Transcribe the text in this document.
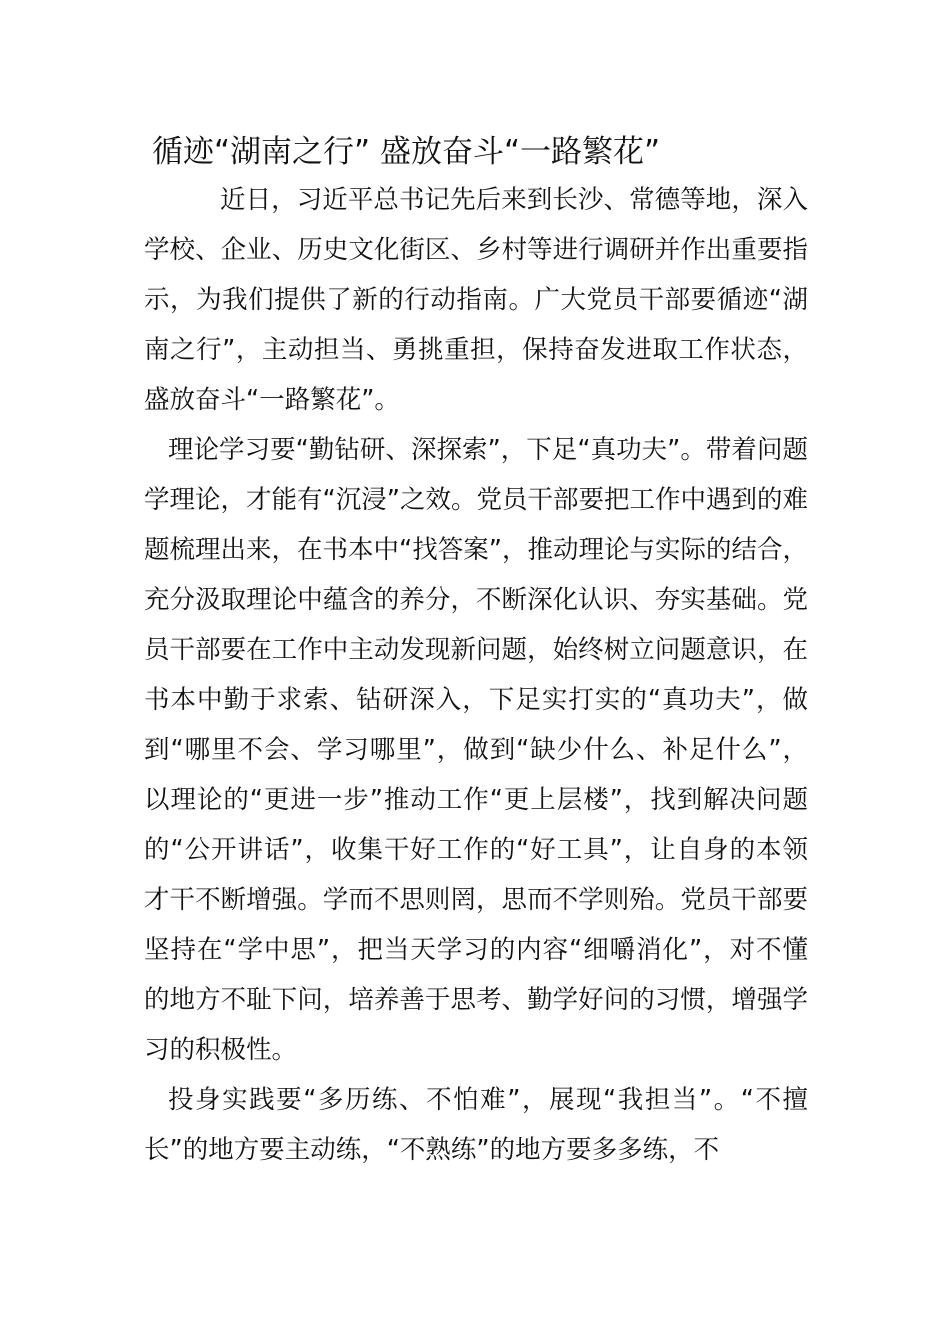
循迹“湖南之行” 盛放奋斗“一路繁花”

近日，习近平总书记先后来到长沙、常德等地，深入学校、企业、历史文化街区、乡村等进行调研并作出重要指示，为我们提供了新的行动指南。广大党员干部要循迹“湖南之行”，主动担当、勇挑重担，保持奋发进取工作状态，盛放奋斗“一路繁花”。

理论学习要“勤钻研、深探索”，下足“真功夫”。带着问题学理论，才能有“沉浸”之效。党员干部要把工作中遇到的难题梳理出来，在书本中“找答案”，推动理论与实际的结合，充分汲取理论中蕴含的养分，不断深化认识、夯实基础。党员干部要在工作中主动发现新问题，始终树立问题意识，在书本中勤于求索、钻研深入，下足实打实的“真功夫”，做到“哪里不会、学习哪里”，做到“缺少什么、补足什么”，以理论的“更进一步”推动工作“更上层楼”，找到解决问题的“公开讲话”，收集干好工作的“好工具”，让自身的本领才干不断增强。学而不思则罔，思而不学则殆。党员干部要坚持在“学中思”，把当天学习的内容“细嚼消化”，对不懂的地方不耻下问，培养善于思考、勤学好问的习惯，增强学习的积极性。

投身实践要“多历练、不怕难”，展现“我担当”。“不擅长”的地方要主动练，“不熟练”的地方要多多练，不
